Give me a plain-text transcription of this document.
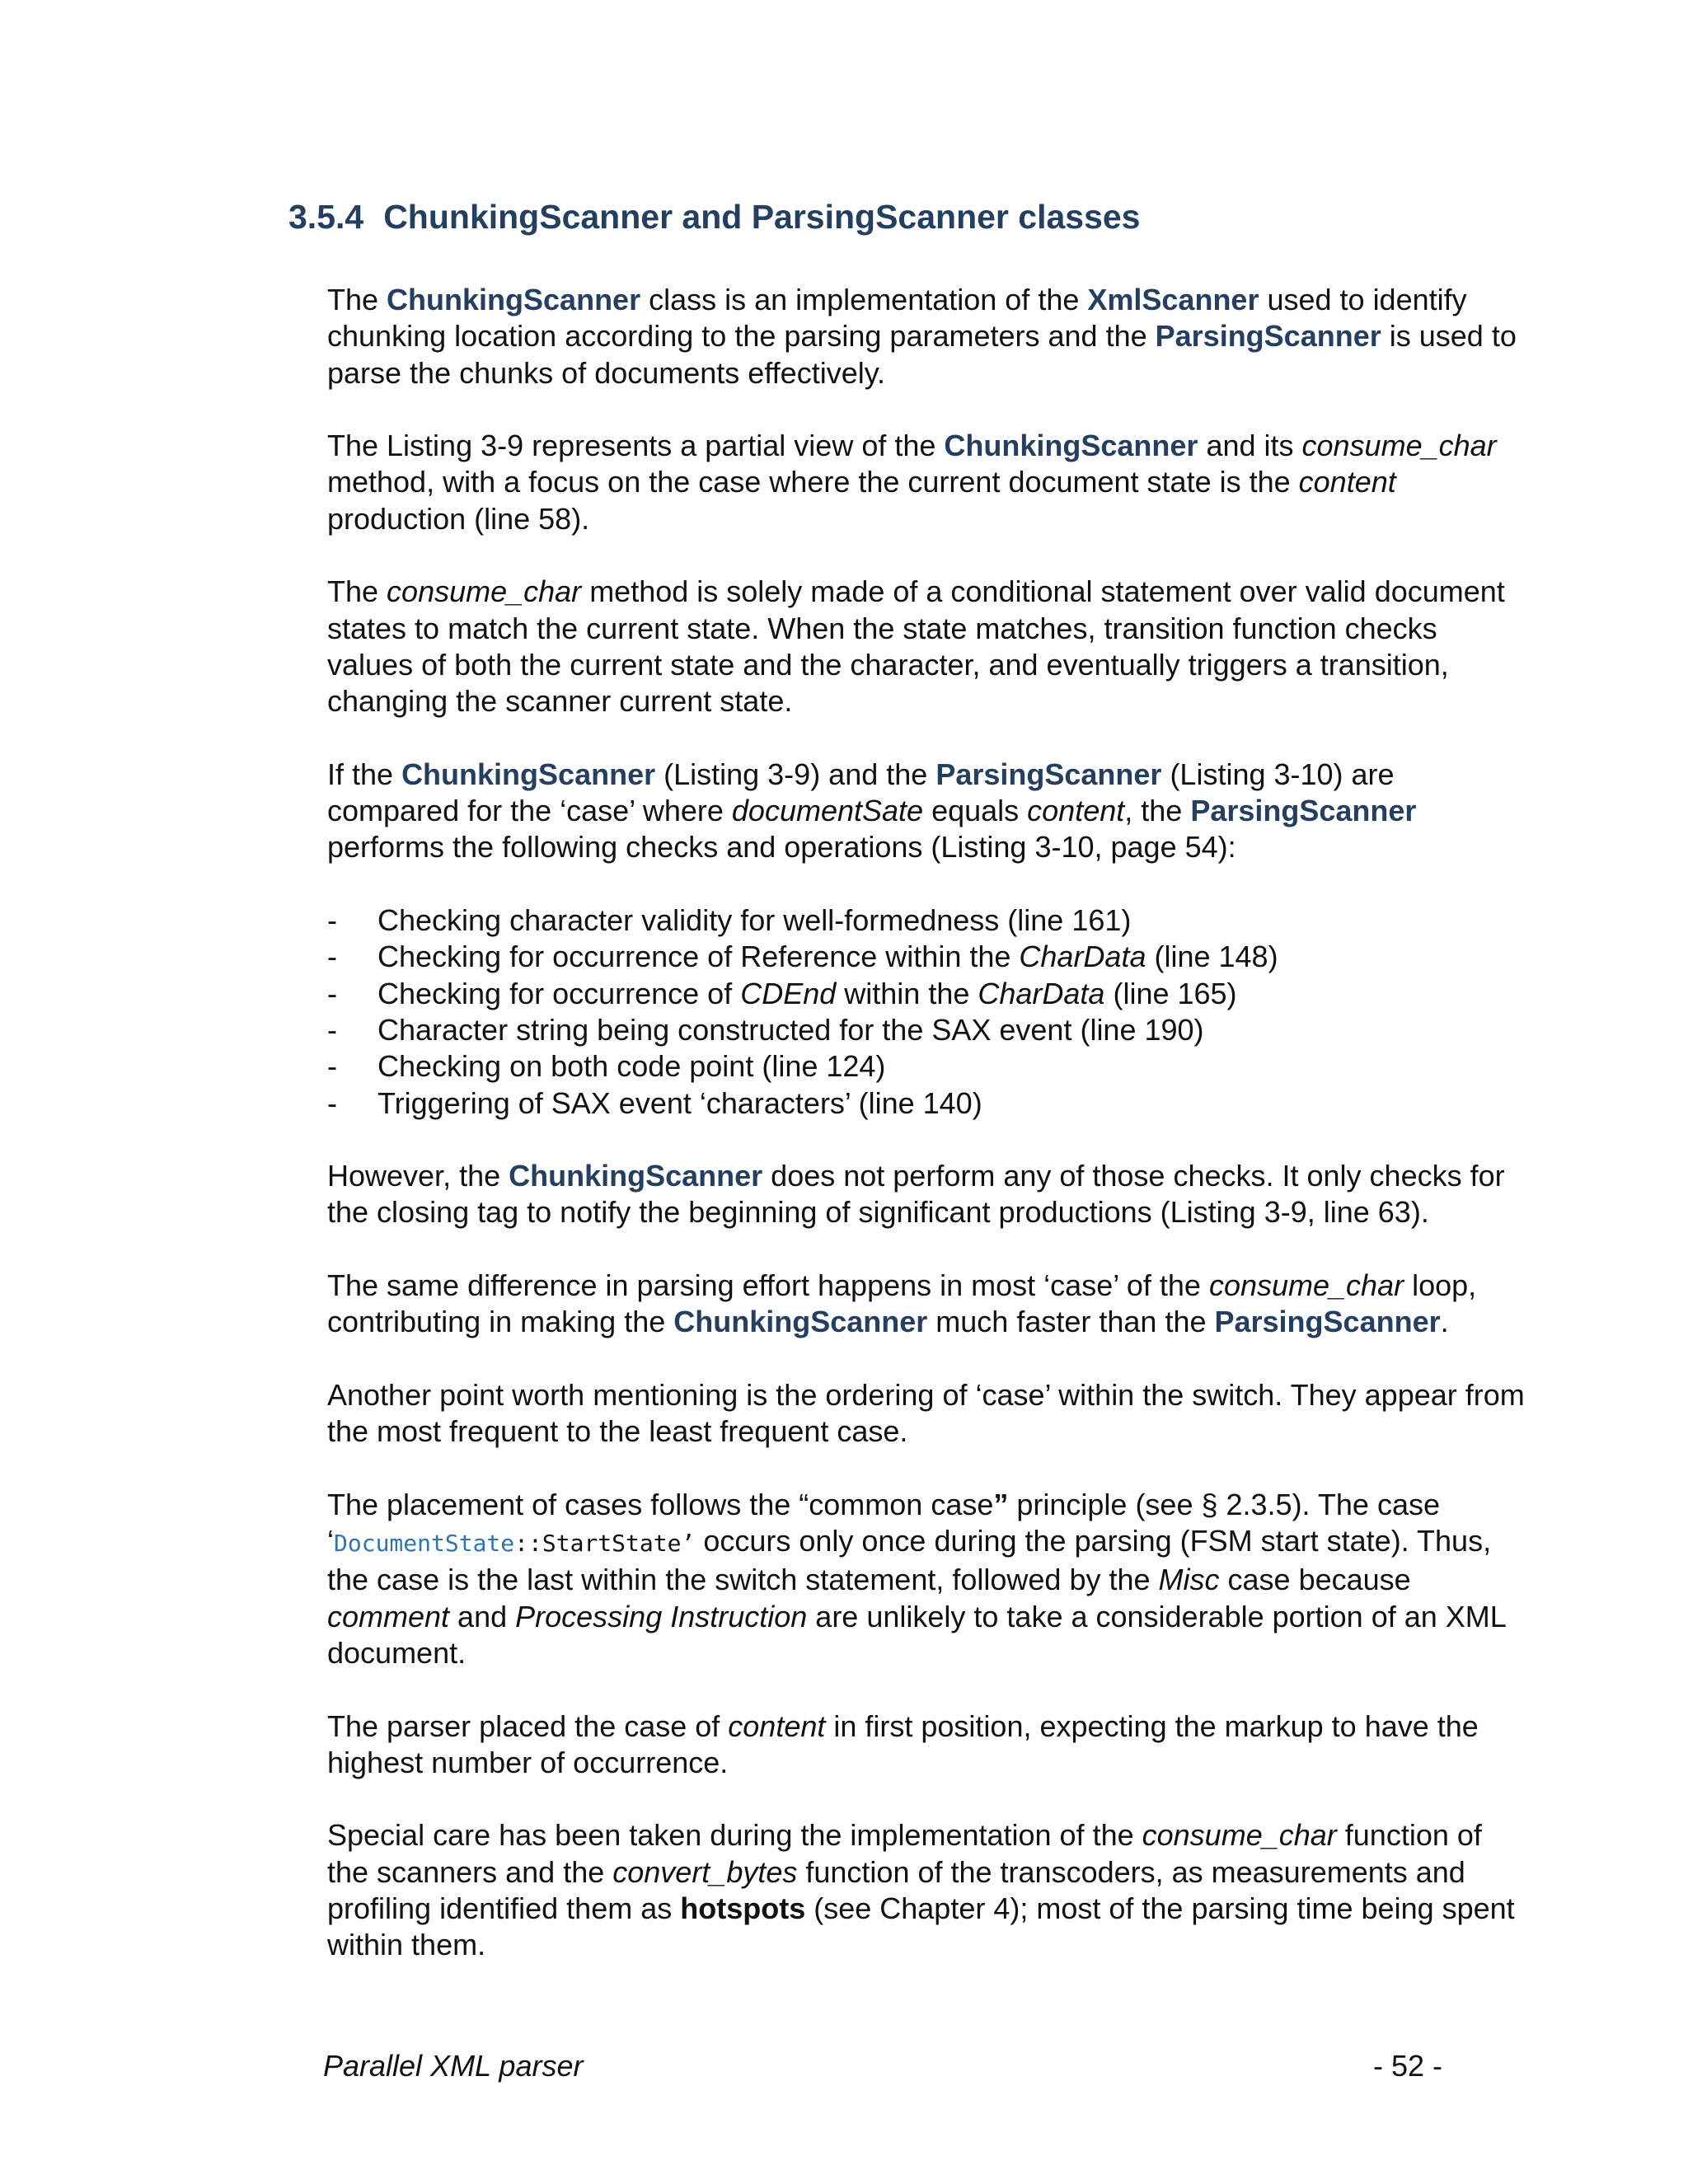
3.5.4 ChunkingScanner and ParsingScanner classes

The ChunkingScanner class is an implementation of the XmlScanner used to identify chunking location according to the parsing parameters and the ParsingScanner is used to parse the chunks of documents effectively.

The Listing 3-9 represents a partial view of the ChunkingScanner and its consume_char method, with a focus on the case where the current document state is the content production (line 58).

The consume_char method is solely made of a conditional statement over valid document states to match the current state. When the state matches, transition function checks values of both the current state and the character, and eventually triggers a transition, changing the scanner current state.

If the ChunkingScanner (Listing 3-9) and the ParsingScanner (Listing 3-10) are compared for the ‘case’ where documentSate equals content, the ParsingScanner performs the following checks and operations (Listing 3-10, page 54):

- Checking character validity for well-formedness (line 161)
- Checking for occurrence of Reference within the CharData (line 148)
- Checking for occurrence of CDEnd within the CharData (line 165)
- Character string being constructed for the SAX event (line 190)
- Checking on both code point (line 124)
- Triggering of SAX event ‘characters’ (line 140)

However, the ChunkingScanner does not perform any of those checks. It only checks for the closing tag to notify the beginning of significant productions (Listing 3-9, line 63).

The same difference in parsing effort happens in most ‘case’ of the consume_char loop, contributing in making the ChunkingScanner much faster than the ParsingScanner.

Another point worth mentioning is the ordering of ‘case’ within the switch. They appear from the most frequent to the least frequent case.

The placement of cases follows the “common case” principle (see § 2.3.5). The case ‘DocumentState::StartState’ occurs only once during the parsing (FSM start state). Thus, the case is the last within the switch statement, followed by the Misc case because comment and Processing Instruction are unlikely to take a considerable portion of an XML document.

The parser placed the case of content in first position, expecting the markup to have the highest number of occurrence.

Special care has been taken during the implementation of the consume_char function of the scanners and the convert_bytes function of the transcoders, as measurements and profiling identified them as hotspots (see Chapter 4); most of the parsing time being spent within them.

Parallel XML parser	- 52 -
